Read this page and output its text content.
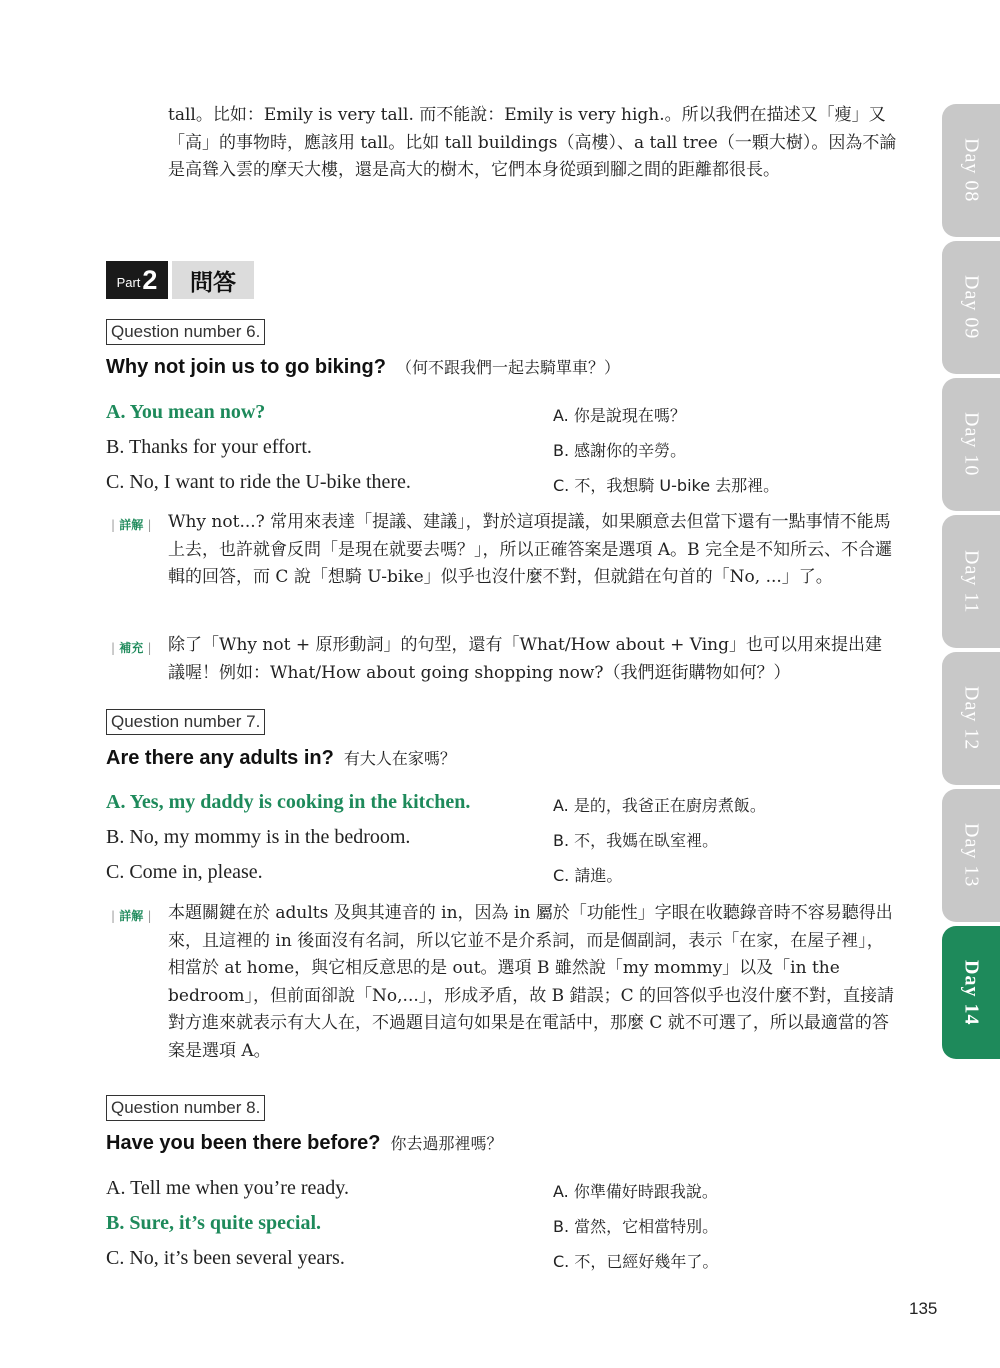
tall。比如：Emily is very tall. 而不能說：Emily is very high.。所以我們在描述又「瘦」又「高」的事物時，應該用 tall。比如 tall buildings（高樓）、a tall tree（一顆大樹）。因為不論是高聳入雲的摩天大樓，還是高大的樹木，它們本身從頭到腳之間的距離都很長。
Part 2	問答
Question number 6.
Why not join us to go biking? （何不跟我們一起去騎單車？）
A. You mean now?	A. 你是說現在嗎？
B. Thanks for your effort.	B. 感謝你的辛勞。
C. No, I want to ride the U-bike there.	C. 不，我想騎 U-bike 去那裡。
| 詳解 | Why not...? 常用來表達「提議、建議」，對於這項提議，如果願意去但當下還有一點事情不能馬上去，也許就會反問「是現在就要去嗎？」，所以正確答案是選項 A。B 完全是不知所云、不合邏輯的回答，而 C 說「想騎 U-bike」似乎也沒什麼不對，但就錯在句首的「No, ...」了。
| 補充 | 除了「Why not + 原形動詞」的句型，還有「What/How about + Ving」也可以用來提出建議喔！例如：What/How about going shopping now?（我們逛街購物如何？）
Question number 7.
Are there any adults in? 有大人在家嗎？
A. Yes, my daddy is cooking in the kitchen.	A. 是的，我爸正在廚房煮飯。
B. No, my mommy is in the bedroom.	B. 不，我媽在臥室裡。
C. Come in, please.	C. 請進。
| 詳解 | 本題關鍵在於 adults 及與其連音的 in，因為 in 屬於「功能性」字眼在收聽錄音時不容易聽得出來，且這裡的 in 後面沒有名詞，所以它並不是介系詞，而是個副詞，表示「在家，在屋子裡」，相當於 at home，與它相反意思的是 out。選項 B 雖然說「my mommy」以及「in the bedroom」，但前面卻說「No,...」，形成矛盾，故 B 錯誤；C 的回答似乎也沒什麼不對，直接請對方進來就表示有大人在，不過題目這句如果是在電話中，那麼 C 就不可選了，所以最適當的答案是選項 A。
Question number 8.
Have you been there before? 你去過那裡嗎？
A. Tell me when you’re ready.	A. 你準備好時跟我說。
B. Sure, it’s quite special.	B. 當然，它相當特別。
C. No, it’s been several years.	C. 不，已經好幾年了。
Day 08
Day 09
Day 10
Day 11
Day 12
Day 13
Day 14
135
